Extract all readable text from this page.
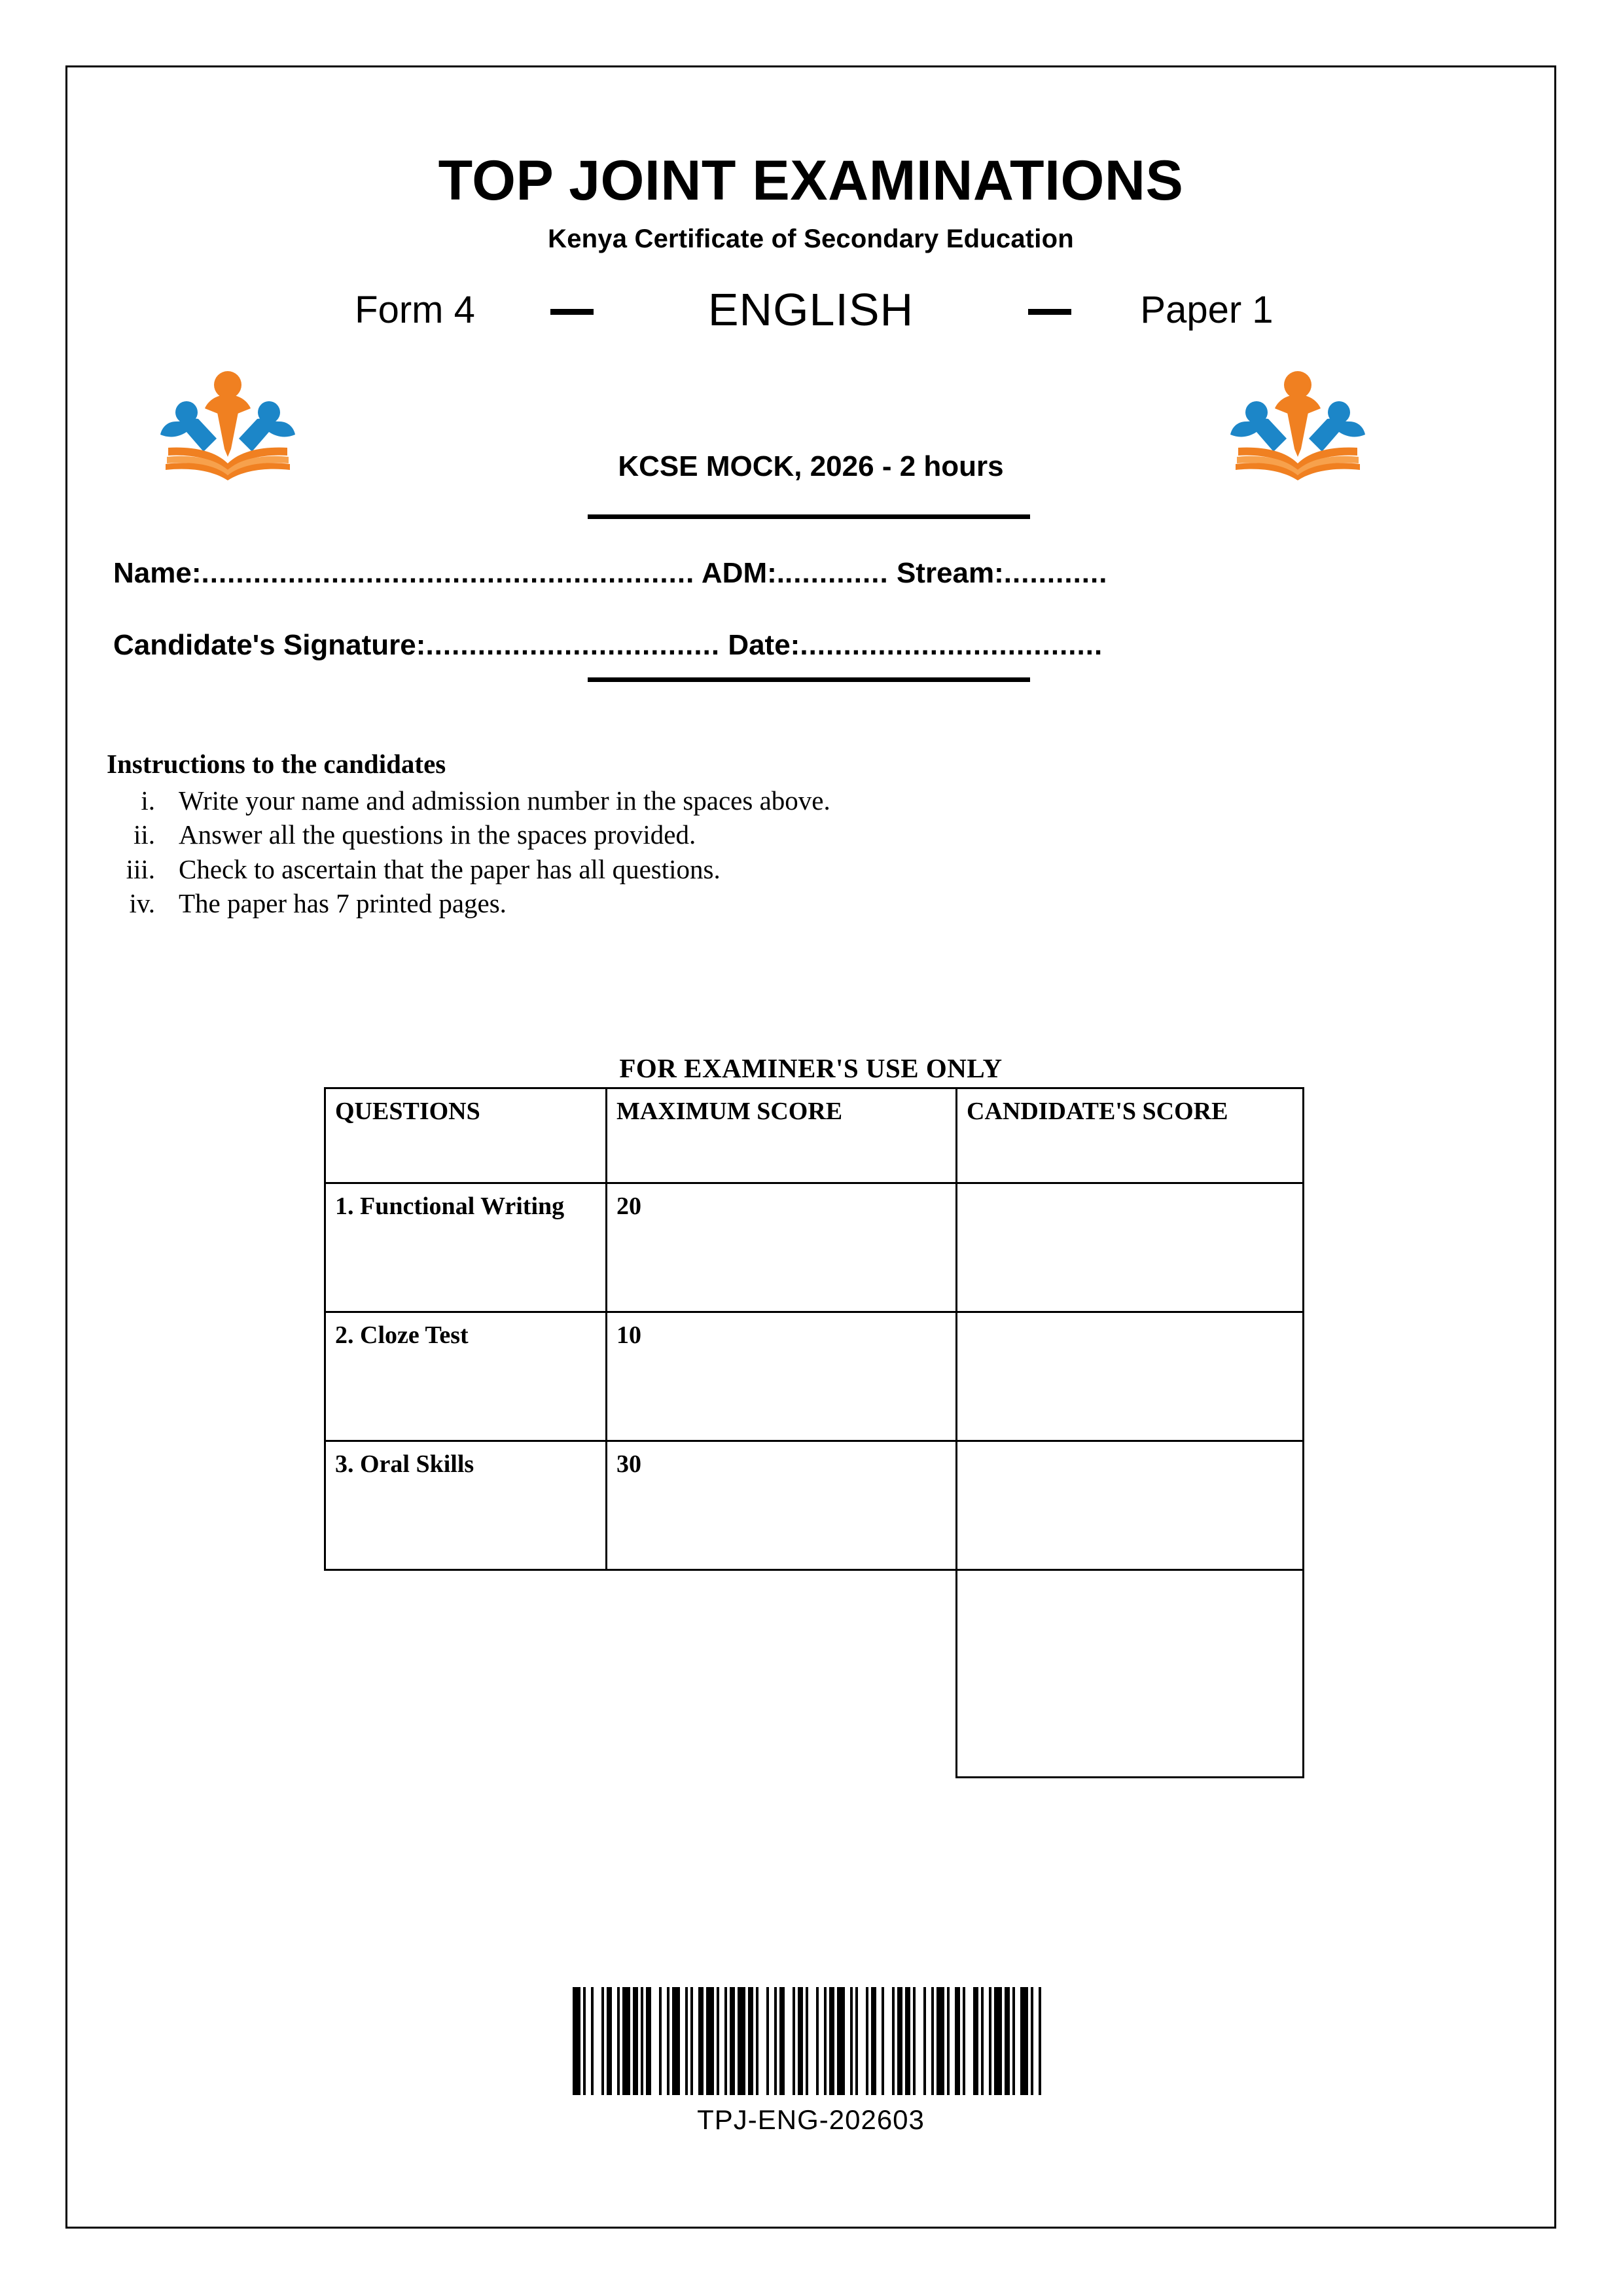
TOP JOINT EXAMINATIONS
Kenya Certificate of Secondary Education
Form 4	ENGLISH	Paper 1
KCSE MOCK, 2026 - 2 hours
Name:......................................................... ADM:............. Stream:............
Candidate's Signature:.................................. Date:...................................
Instructions to the candidates
i. Write your name and admission number in the spaces above.
ii. Answer all the questions in the spaces provided.
iii. Check to ascertain that the paper has all questions.
iv. The paper has 7 printed pages.
FOR EXAMINER'S USE ONLY
QUESTIONS	MAXIMUM SCORE	CANDIDATE'S SCORE
1. Functional Writing	20	
2. Cloze Test	10	
3. Oral Skills	30	

TPJ-ENG-202603
